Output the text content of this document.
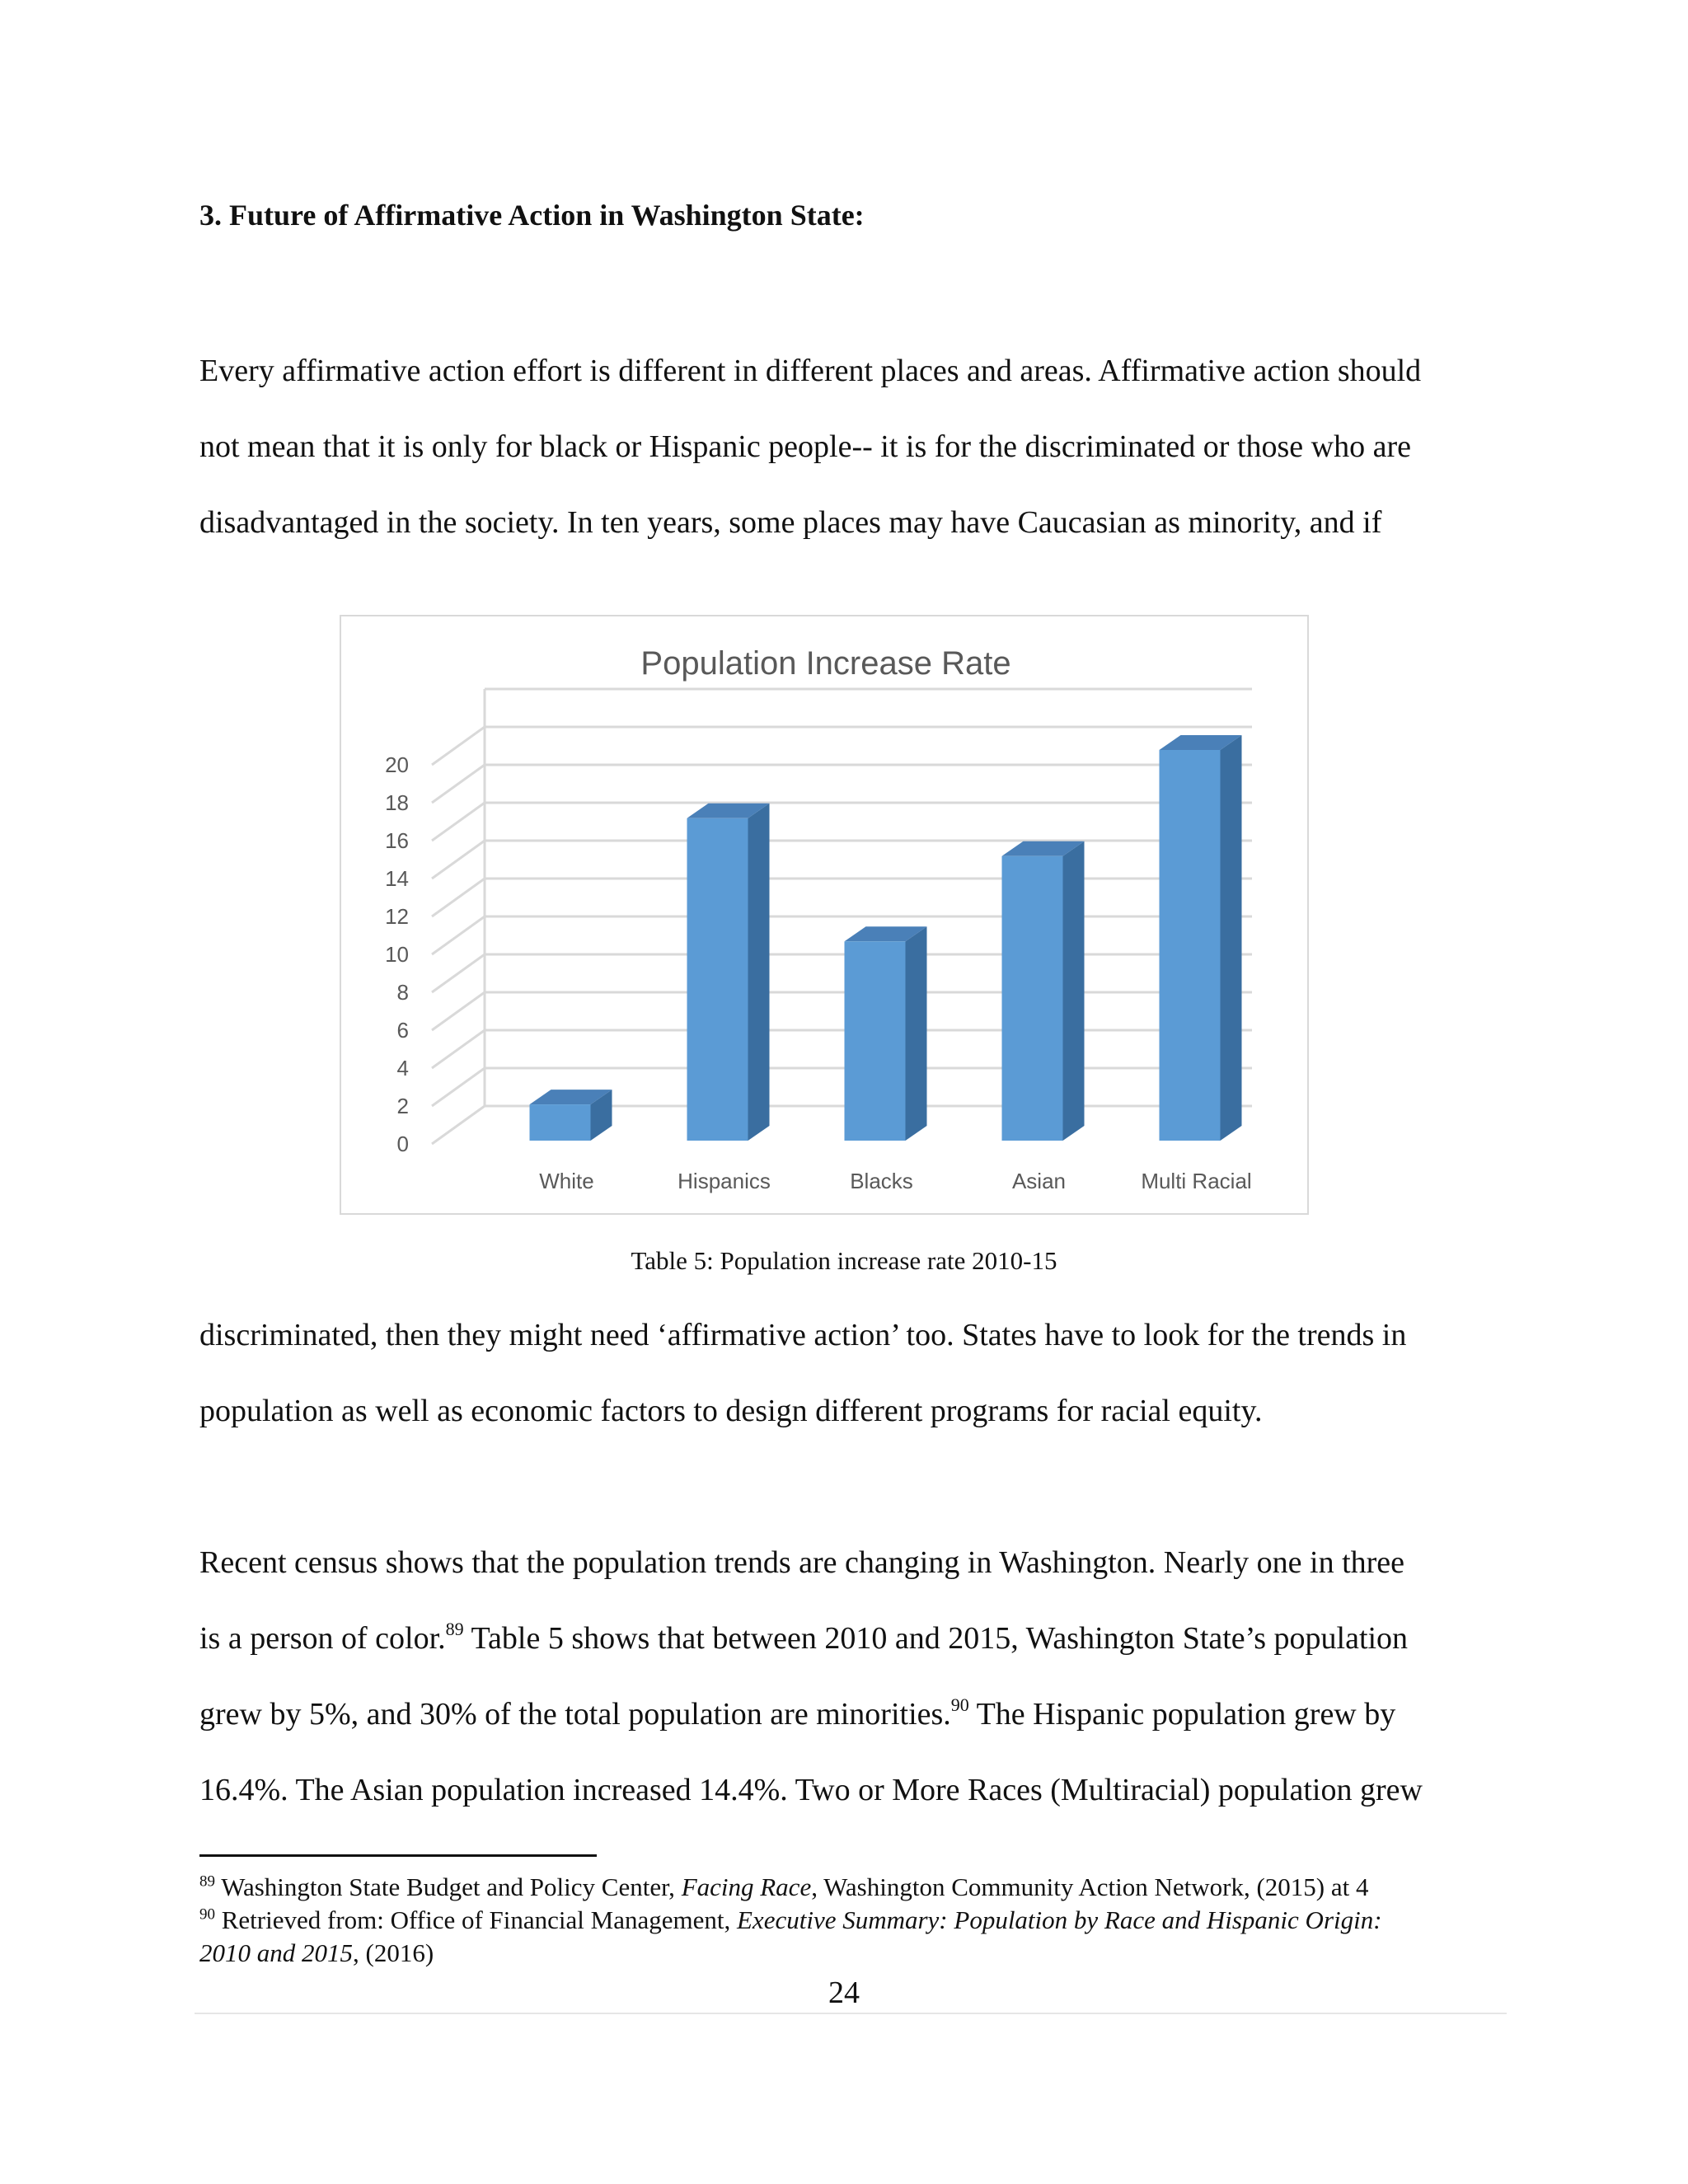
3. Future of Affirmative Action in Washington State:

Every affirmative action effort is different in different places and areas. Affirmative action should
not mean that it is only for black or Hispanic people-- it is for the discriminated or those who are
disadvantaged in the society. In ten years, some places may have Caucasian as minority, and if

Population Increase Rate
0
2
4
6
8
10
12
14
16
18
20
White	Hispanics	Blacks	Asian	Multi Racial

Table 5: Population increase rate 2010-15

discriminated, then they might need ‘affirmative action’ too. States have to look for the trends in
population as well as economic factors to design different programs for racial equity.

Recent census shows that the population trends are changing in Washington. Nearly one in three
is a person of color.$^{89}$ Table 5 shows that between 2010 and 2015, Washington State’s population
grew by 5%, and 30% of the total population are minorities.$^{90}$ The Hispanic population grew by
16.4%. The Asian population increased 14.4%. Two or More Races (Multiracial) population grew

$^{89}$ Washington State Budget and Policy Center, Facing Race, Washington Community Action Network, (2015) at 4
$^{90}$ Retrieved from: Office of Financial Management, Executive Summary: Population by Race and Hispanic Origin:
2010 and 2015, (2016)

24
